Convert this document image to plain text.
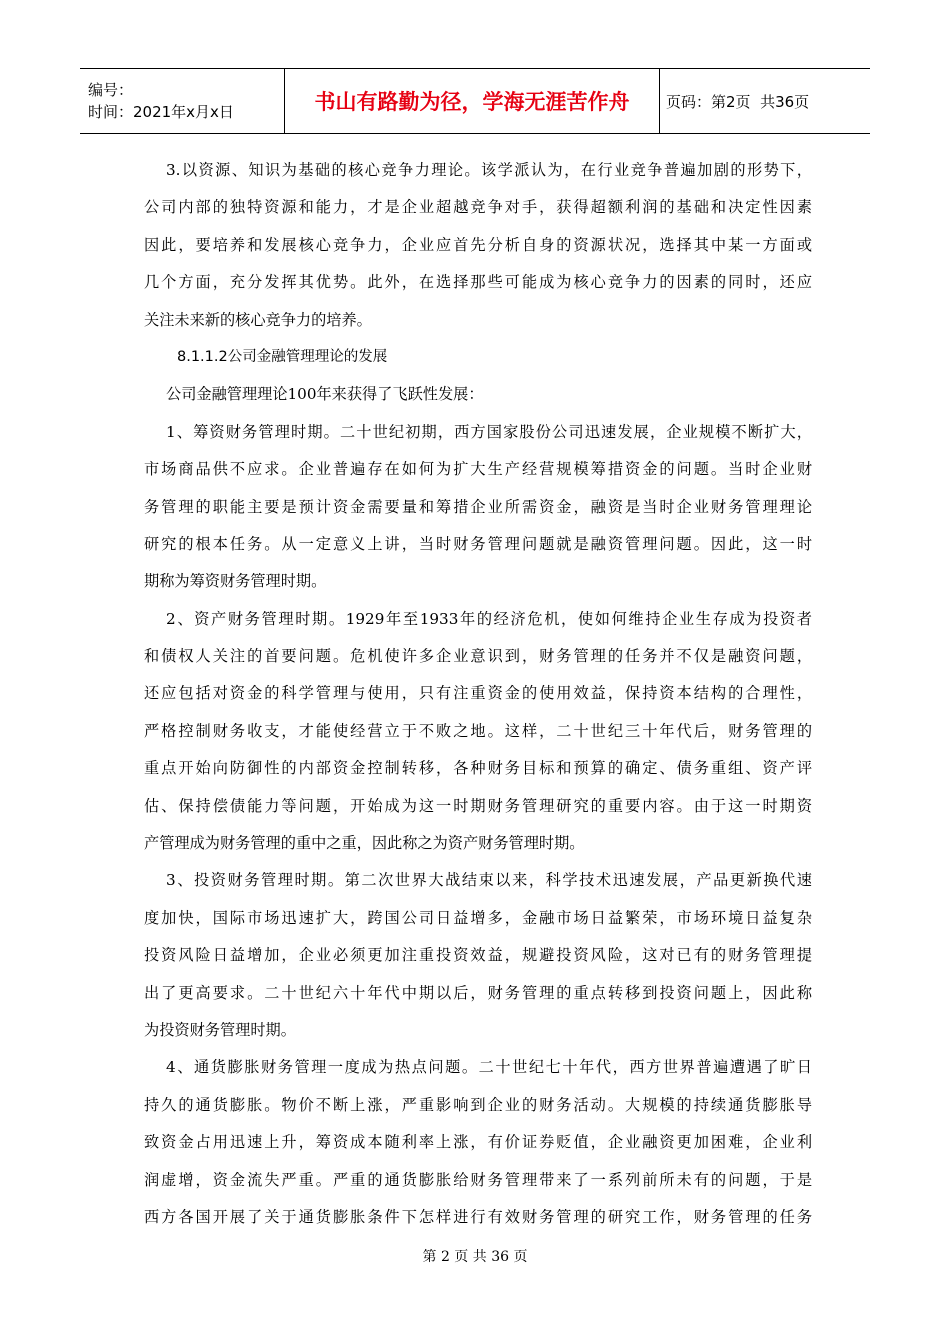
编号：
时间：2021年x月x日	书山有路勤为径，学海无涯苦作舟	页码：第2页  共36页
3.以资源、知识为基础的核心竞争力理论。该学派认为，在行业竞争普遍加剧的形势下，
公司内部的独特资源和能力，才是企业超越竞争对手，获得超额利润的基础和决定性因素
因此，要培养和发展核心竞争力，企业应首先分析自身的资源状况，选择其中某一方面或
几个方面，充分发挥其优势。此外，在选择那些可能成为核心竞争力的因素的同时，还应
关注未来新的核心竞争力的培养。
8.1.1.2公司金融管理理论的发展
公司金融管理理论100年来获得了飞跃性发展：
1、筹资财务管理时期。二十世纪初期，西方国家股份公司迅速发展，企业规模不断扩大，
市场商品供不应求。企业普遍存在如何为扩大生产经营规模筹措资金的问题。当时企业财
务管理的职能主要是预计资金需要量和筹措企业所需资金，融资是当时企业财务管理理论
研究的根本任务。从一定意义上讲，当时财务管理问题就是融资管理问题。因此，这一时
期称为筹资财务管理时期。
2、资产财务管理时期。1929年至1933年的经济危机，使如何维持企业生存成为投资者
和债权人关注的首要问题。危机使许多企业意识到，财务管理的任务并不仅是融资问题，
还应包括对资金的科学管理与使用，只有注重资金的使用效益，保持资本结构的合理性，
严格控制财务收支，才能使经营立于不败之地。这样，二十世纪三十年代后，财务管理的
重点开始向防御性的内部资金控制转移，各种财务目标和预算的确定、债务重组、资产评
估、保持偿债能力等问题，开始成为这一时期财务管理研究的重要内容。由于这一时期资
产管理成为财务管理的重中之重，因此称之为资产财务管理时期。
3、投资财务管理时期。第二次世界大战结束以来，科学技术迅速发展，产品更新换代速
度加快，国际市场迅速扩大，跨国公司日益增多，金融市场日益繁荣，市场环境日益复杂
投资风险日益增加，企业必须更加注重投资效益，规避投资风险，这对已有的财务管理提
出了更高要求。二十世纪六十年代中期以后，财务管理的重点转移到投资问题上，因此称
为投资财务管理时期。
4、通货膨胀财务管理一度成为热点问题。二十世纪七十年代，西方世界普遍遭遇了旷日
持久的通货膨胀。物价不断上涨，严重影响到企业的财务活动。大规模的持续通货膨胀导
致资金占用迅速上升，筹资成本随利率上涨，有价证券贬值，企业融资更加困难，企业利
润虚增，资金流失严重。严重的通货膨胀给财务管理带来了一系列前所未有的问题，于是
西方各国开展了关于通货膨胀条件下怎样进行有效财务管理的研究工作，财务管理的任务
第 2 页 共 36 页
